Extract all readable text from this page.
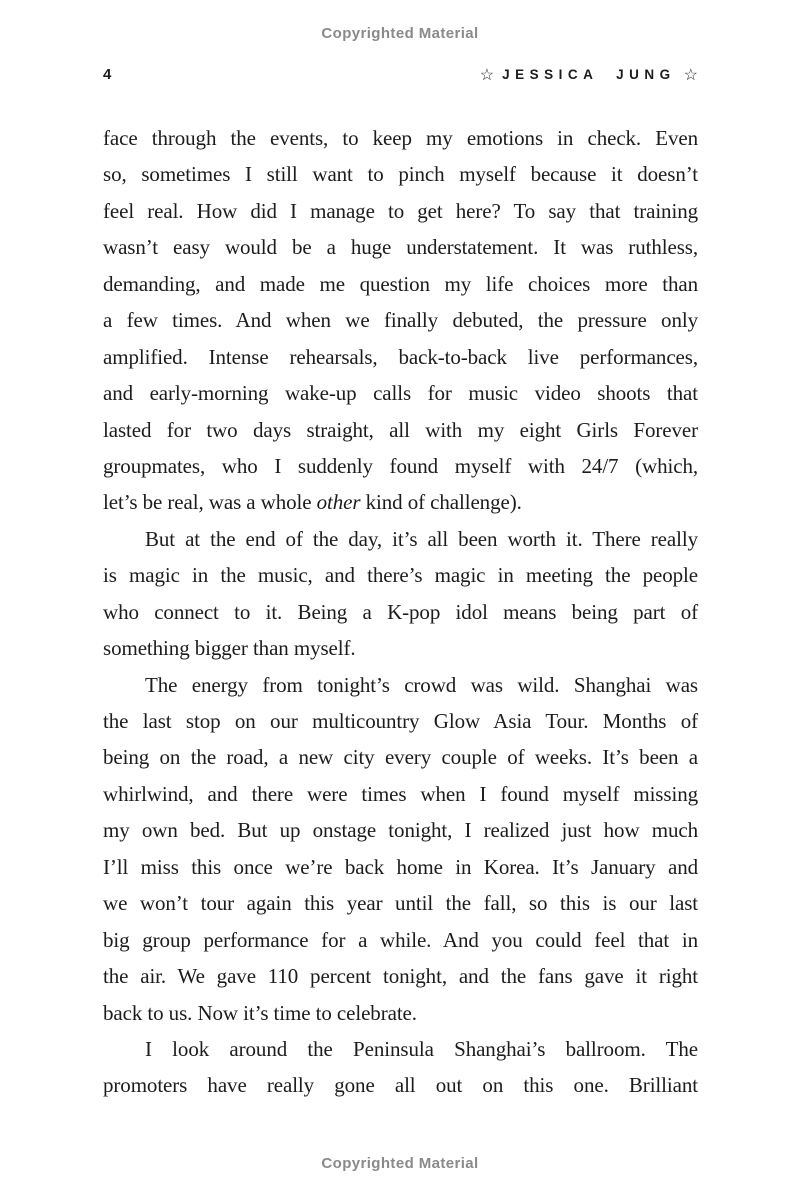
Copyrighted Material
4	☆ JESSICA JUNG ☆
face through the events, to keep my emotions in check. Even
so, sometimes I still want to pinch myself because it doesn’t
feel real. How did I manage to get here? To say that training
wasn’t easy would be a huge understatement. It was ruthless,
demanding, and made me question my life choices more than
a few times. And when we finally debuted, the pressure only
amplified. Intense rehearsals, back-to-back live performances,
and early-morning wake-up calls for music video shoots that
lasted for two days straight, all with my eight Girls Forever
groupmates, who I suddenly found myself with 24/7 (which,
let’s be real, was a whole other kind of challenge).
But at the end of the day, it’s all been worth it. There really
is magic in the music, and there’s magic in meeting the people
who connect to it. Being a K-pop idol means being part of
something bigger than myself.
The energy from tonight’s crowd was wild. Shanghai was
the last stop on our multicountry Glow Asia Tour. Months of
being on the road, a new city every couple of weeks. It’s been a
whirlwind, and there were times when I found myself missing
my own bed. But up onstage tonight, I realized just how much
I’ll miss this once we’re back home in Korea. It’s January and
we won’t tour again this year until the fall, so this is our last
big group performance for a while. And you could feel that in
the air. We gave 110 percent tonight, and the fans gave it right
back to us. Now it’s time to celebrate.
I look around the Peninsula Shanghai’s ballroom. The
promoters have really gone all out on this one. Brilliant
Copyrighted Material
